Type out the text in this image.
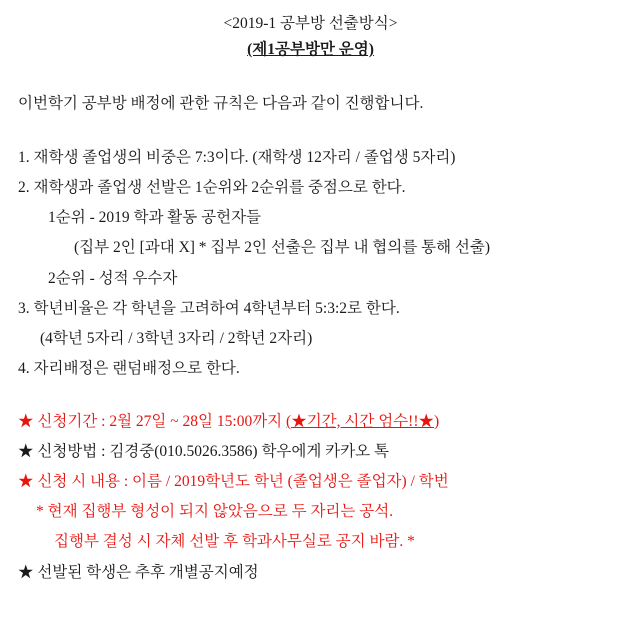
<2019-1 공부방 선출방식>
(제1공부방만 운영)
이번학기 공부방 배정에 관한 규칙은 다음과 같이 진행합니다.
1. 재학생 졸업생의 비중은 7:3이다. (재학생 12자리 / 졸업생 5자리)
2. 재학생과 졸업생 선발은 1순위와 2순위를 중점으로 한다.
1순위 - 2019 학과 활동 공헌자들
(집부 2인 [과대 X] * 집부 2인 선출은 집부 내 협의를 통해 선출)
2순위 - 성적 우수자
3. 학년비율은 각 학년을 고려하여 4학년부터 5:3:2로 한다.
(4학년 5자리 / 3학년 3자리 / 2학년 2자리)
4. 자리배정은 랜덤배정으로 한다.
★ 신청기간 : 2월 27일 ~ 28일 15:00까지 (★기간, 시간 엄수!!★)
★ 신청방법 : 김경중(010.5026.3586) 학우에게 카카오 톡
★ 신청 시 내용 : 이름 / 2019학년도 학년 (졸업생은 졸업자) / 학번
* 현재 집행부 형성이 되지 않았음으로 두 자리는 공석.
집행부 결성 시 자체 선발 후 학과사무실로 공지 바람. *
★ 선발된 학생은 추후 개별공지예정
